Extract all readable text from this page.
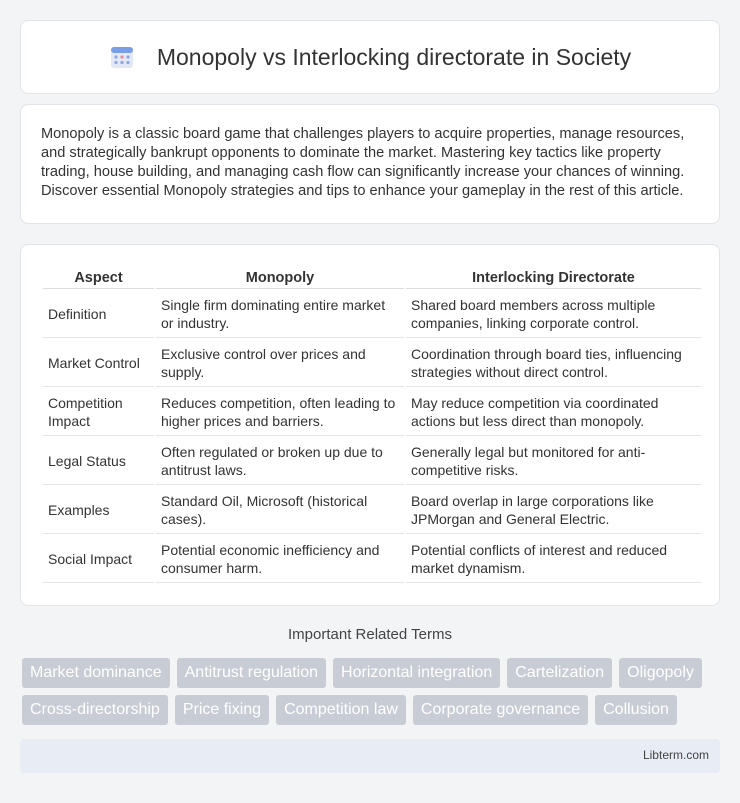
Monopoly vs Interlocking directorate in Society

Monopoly is a classic board game that challenges players to acquire properties, manage resources, and strategically bankrupt opponents to dominate the market. Mastering key tactics like property trading, house building, and managing cash flow can significantly increase your chances of winning. Discover essential Monopoly strategies and tips to enhance your gameplay in the rest of this article.

Aspect	Monopoly	Interlocking Directorate
Definition	Single firm dominating entire market or industry.	Shared board members across multiple companies, linking corporate control.
Market Control	Exclusive control over prices and supply.	Coordination through board ties, influencing strategies without direct control.
Competition Impact	Reduces competition, often leading to higher prices and barriers.	May reduce competition via coordinated actions but less direct than monopoly.
Legal Status	Often regulated or broken up due to antitrust laws.	Generally legal but monitored for anti-competitive risks.
Examples	Standard Oil, Microsoft (historical cases).	Board overlap in large corporations like JPMorgan and General Electric.
Social Impact	Potential economic inefficiency and consumer harm.	Potential conflicts of interest and reduced market dynamism.
Important Related Terms
Market dominance	Antitrust regulation	Horizontal integration	Cartelization	Oligopoly
Cross-directorship	Price fixing	Competition law	Corporate governance	Collusion
Libterm.com
